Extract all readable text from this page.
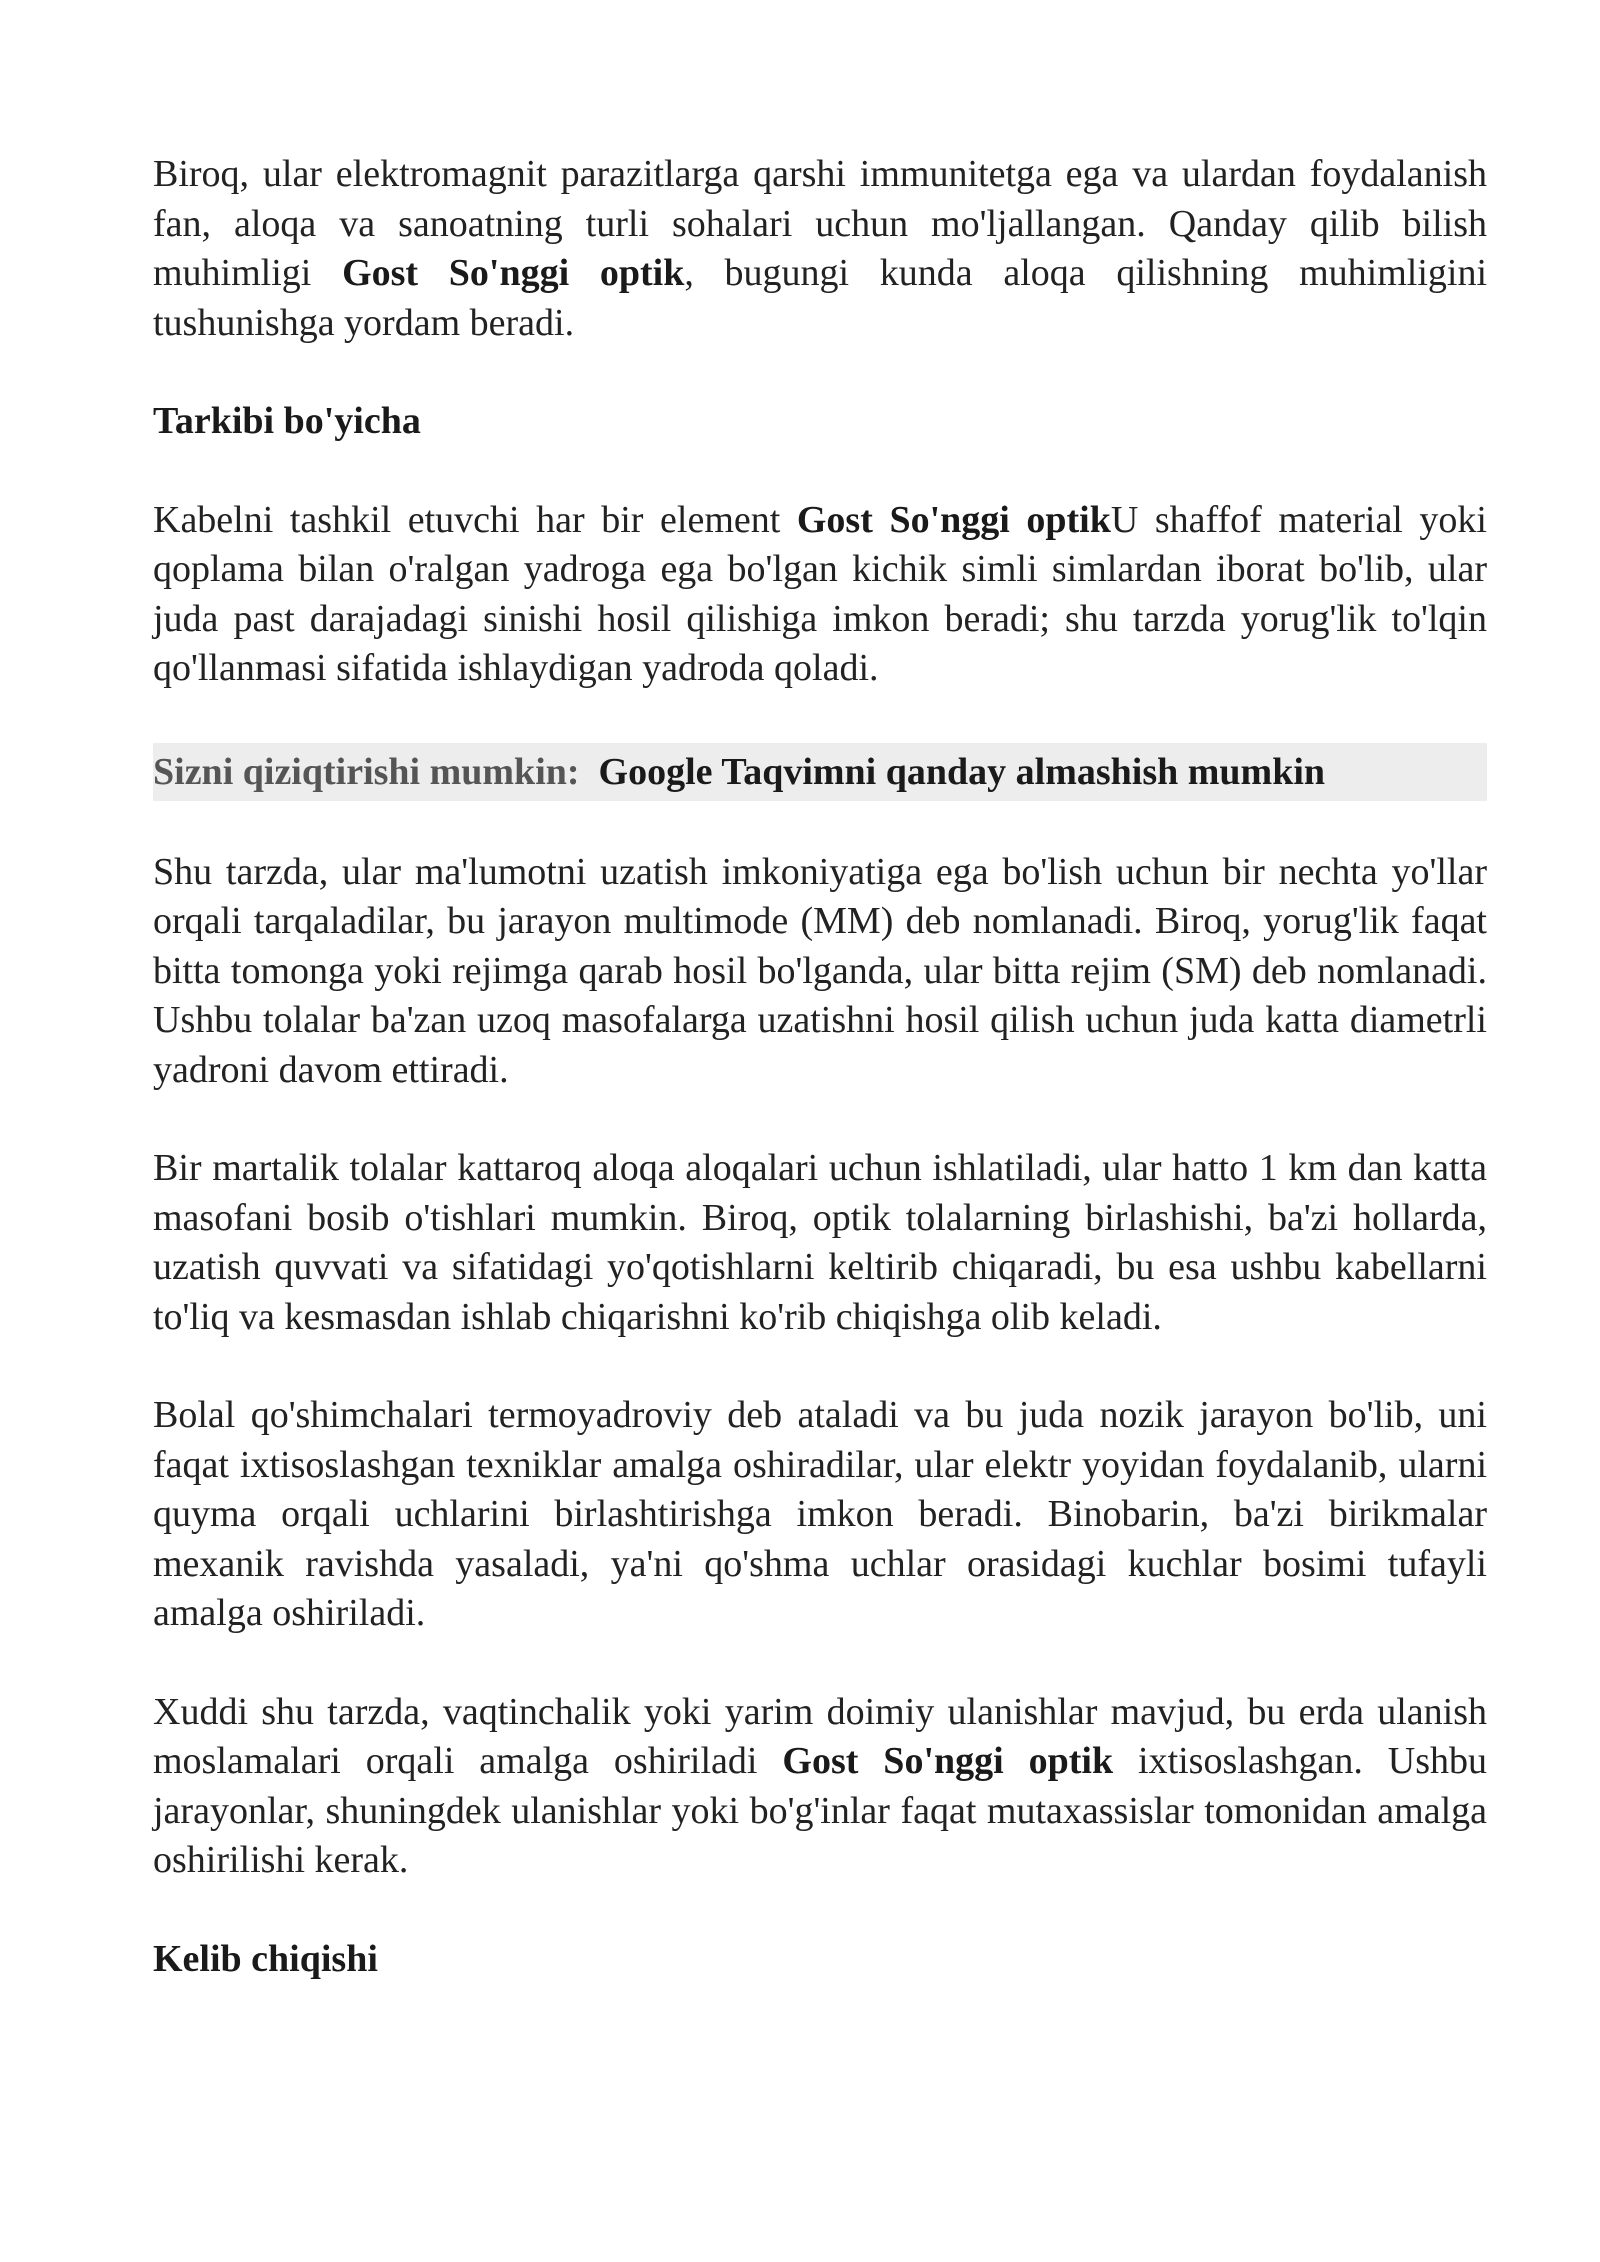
Biroq, ular elektromagnit parazitlarga qarshi immunitetga ega va ulardan foydalanish fan, aloqa va sanoatning turli sohalari uchun mo'ljallangan. Qanday qilib bilish muhimligi Gost So'nggi optik, bugungi kunda aloqa qilishning muhimligini tushunishga yordam beradi.

Tarkibi bo'yicha

Kabelni tashkil etuvchi har bir element Gost So'nggi optikU shaffof material yoki qoplama bilan o'ralgan yadroga ega bo'lgan kichik simli simlardan iborat bo'lib, ular juda past darajadagi sinishi hosil qilishiga imkon beradi; shu tarzda yorug'lik to'lqin qo'llanmasi sifatida ishlaydigan yadroda qoladi.

Sizni qiziqtirishi mumkin: Google Taqvimni qanday almashish mumkin

Shu tarzda, ular ma'lumotni uzatish imkoniyatiga ega bo'lish uchun bir nechta yo'llar orqali tarqaladilar, bu jarayon multimode (MM) deb nomlanadi. Biroq, yorug'lik faqat bitta tomonga yoki rejimga qarab hosil bo'lganda, ular bitta rejim (SM) deb nomlanadi. Ushbu tolalar ba'zan uzoq masofalarga uzatishni hosil qilish uchun juda katta diametrli yadroni davom ettiradi.

Bir martalik tolalar kattaroq aloqa aloqalari uchun ishlatiladi, ular hatto 1 km dan katta masofani bosib o'tishlari mumkin. Biroq, optik tolalarning birlashishi, ba'zi hollarda, uzatish quvvati va sifatidagi yo'qotishlarni keltirib chiqaradi, bu esa ushbu kabellarni to'liq va kesmasdan ishlab chiqarishni ko'rib chiqishga olib keladi.

Bolal qo'shimchalari termoyadroviy deb ataladi va bu juda nozik jarayon bo'lib, uni faqat ixtisoslashgan texniklar amalga oshiradilar, ular elektr yoyidan foydalanib, ularni quyma orqali uchlarini birlashtirishga imkon beradi. Binobarin, ba'zi birikmalar mexanik ravishda yasaladi, ya'ni qo'shma uchlar orasidagi kuchlar bosimi tufayli amalga oshiriladi.

Xuddi shu tarzda, vaqtinchalik yoki yarim doimiy ulanishlar mavjud, bu erda ulanish moslamalari orqali amalga oshiriladi Gost So'nggi optik ixtisoslashgan. Ushbu jarayonlar, shuningdek ulanishlar yoki bo'g'inlar faqat mutaxassislar tomonidan amalga oshirilishi kerak.

Kelib chiqishi
